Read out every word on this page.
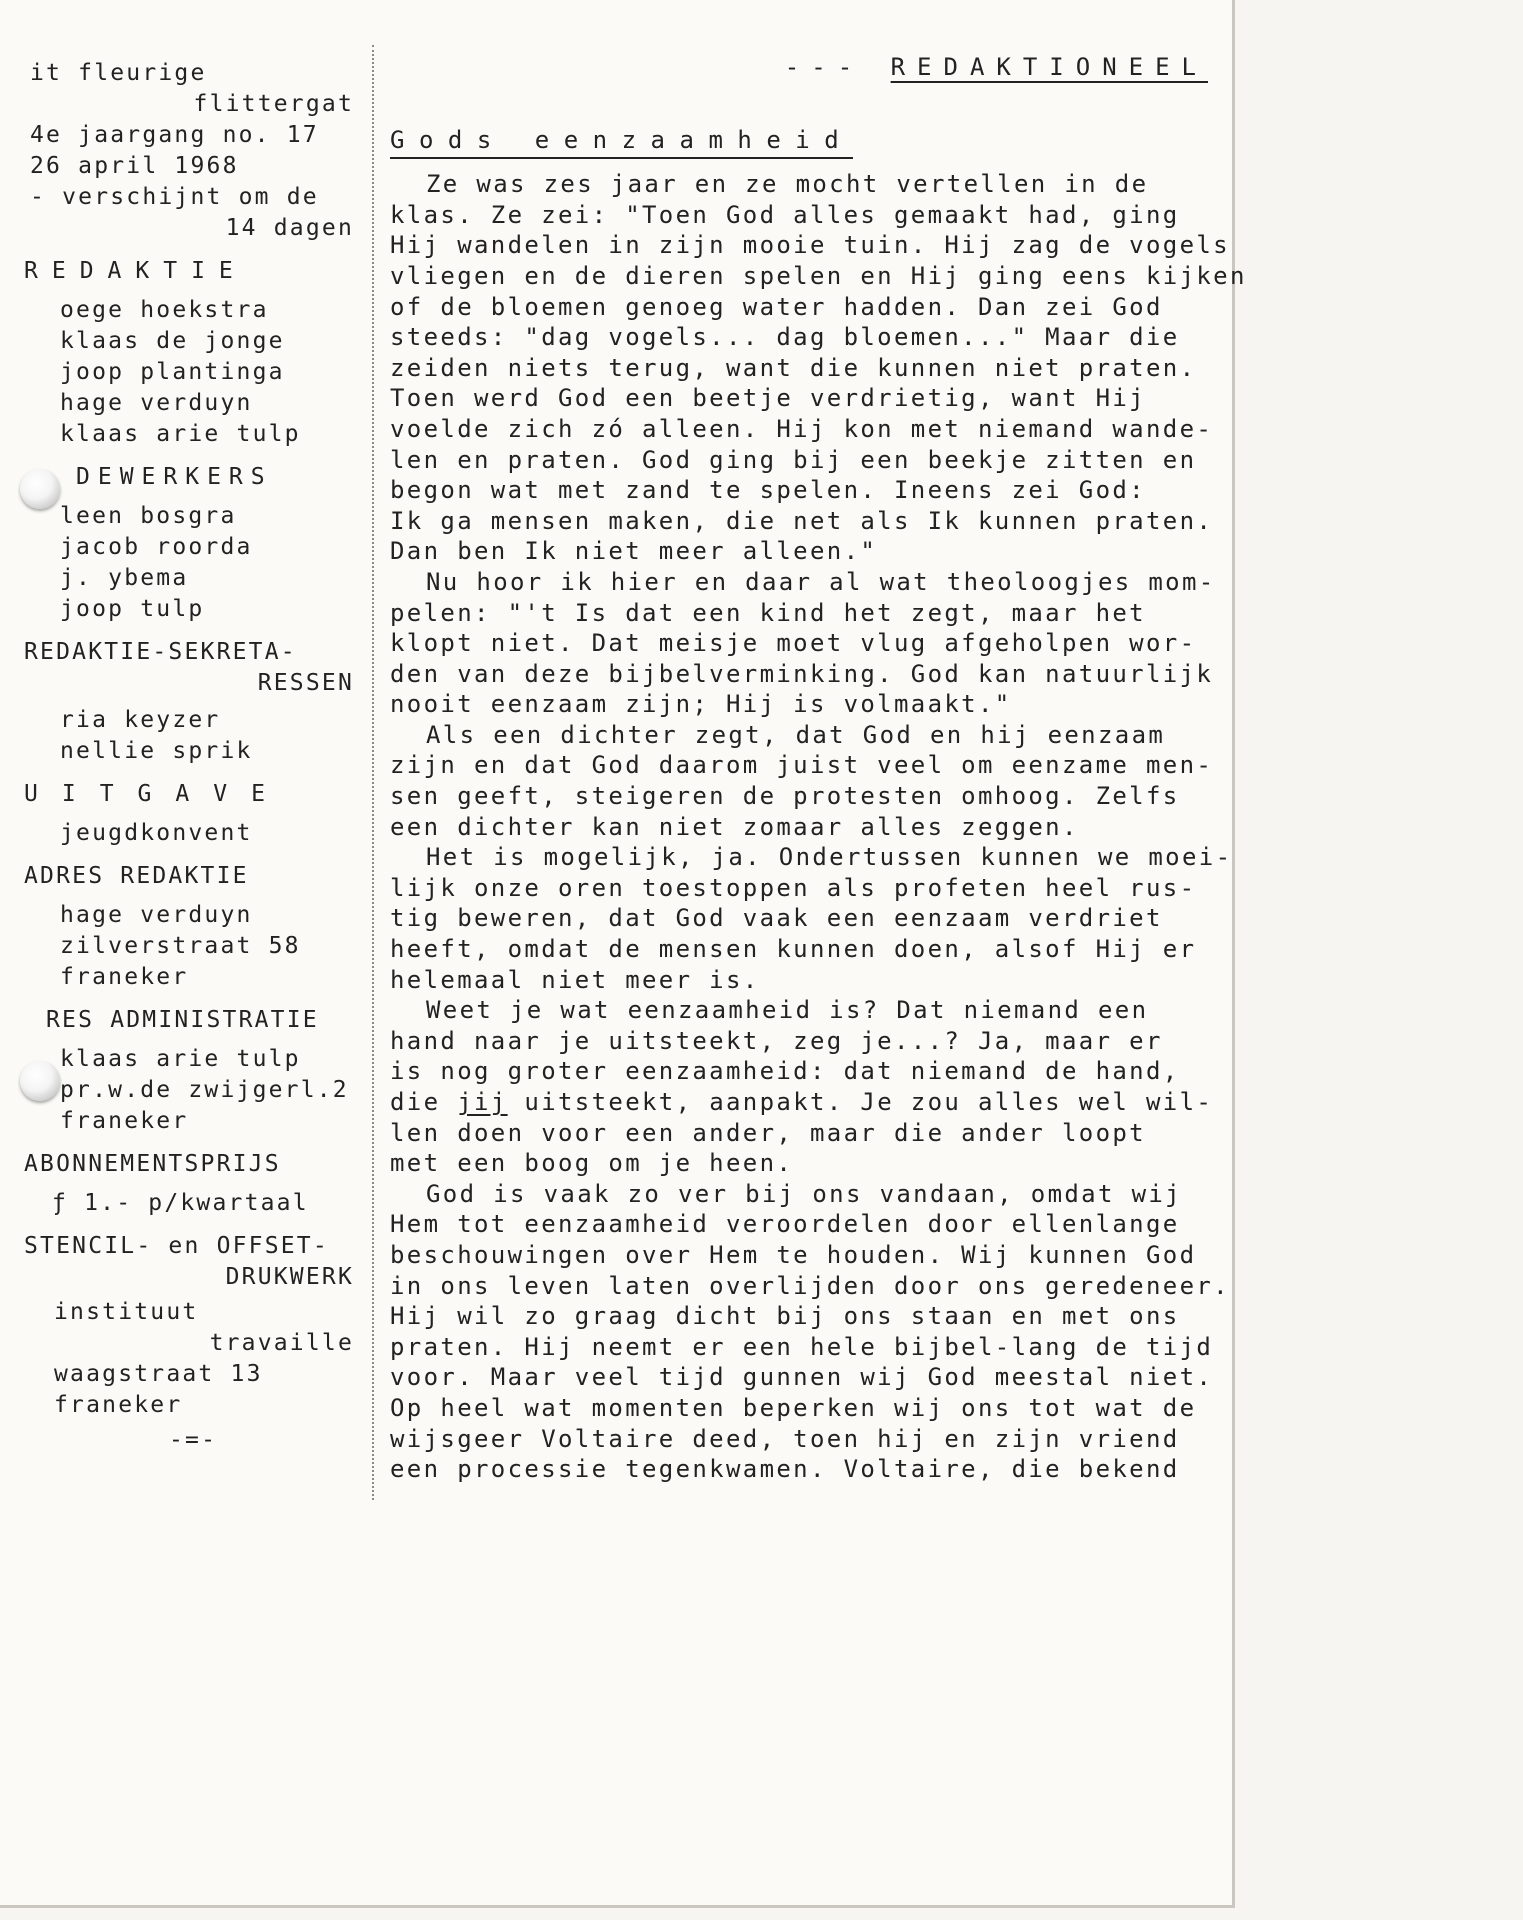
it fleurige

flittergat

4e jaargang no. 17

26 april 1968

- verschijnt om de

14 dagen

REDAKTIE

oege hoekstra

klaas de jonge

joop plantinga

hage verduyn

klaas arie tulp

DEWERKERS

leen bosgra

jacob roorda

j. ybema

joop tulp

REDAKTIE-SEKRETA-

RESSEN

ria keyzer

nellie sprik

UITGAVE

jeugdkonvent

ADRES REDAKTIE

hage verduyn

zilverstraat 58

franeker

RES ADMINISTRATIE

klaas arie tulp

pr.w.de zwijgerl.2

franeker

ABONNEMENTSPRIJS

ƒ 1.- p/kwartaal

STENCIL- en OFFSET-

DRUKWERK

instituut

travaille

waagstraat 13

franeker

-=-

--- REDAKTIONEEL

Gods eenzaamheid

Ze was zes jaar en ze mocht vertellen in de

klas. Ze zei: "Toen God alles gemaakt had, ging

Hij wandelen in zijn mooie tuin. Hij zag de vogels

vliegen en de dieren spelen en Hij ging eens kijken

of de bloemen genoeg water hadden. Dan zei God

steeds: "dag vogels... dag bloemen..." Maar die

zeiden niets terug, want die kunnen niet praten.

Toen werd God een beetje verdrietig, want Hij

voelde zich zó alleen. Hij kon met niemand wande-

len en praten. God ging bij een beekje zitten en

begon wat met zand te spelen. Ineens zei God:

Ik ga mensen maken, die net als Ik kunnen praten.

Dan ben Ik niet meer alleen."

Nu hoor ik hier en daar al wat theoloogjes mom-

pelen: "'t Is dat een kind het zegt, maar het

klopt niet. Dat meisje moet vlug afgeholpen wor-

den van deze bijbelverminking. God kan natuurlijk

nooit eenzaam zijn; Hij is volmaakt."

Als een dichter zegt, dat God en hij eenzaam

zijn en dat God daarom juist veel om eenzame men-

sen geeft, steigeren de protesten omhoog. Zelfs

een dichter kan niet zomaar alles zeggen.

Het is mogelijk, ja. Ondertussen kunnen we moei-

lijk onze oren toestoppen als profeten heel rus-

tig beweren, dat God vaak een eenzaam verdriet

heeft, omdat de mensen kunnen doen, alsof Hij er

helemaal niet meer is.

Weet je wat eenzaamheid is? Dat niemand een

hand naar je uitsteekt, zeg je...? Ja, maar er

is nog groter eenzaamheid: dat niemand de hand,

die jij uitsteekt, aanpakt. Je zou alles wel wil-

len doen voor een ander, maar die ander loopt

met een boog om je heen.

God is vaak zo ver bij ons vandaan, omdat wij

Hem tot eenzaamheid veroordelen door ellenlange

beschouwingen over Hem te houden. Wij kunnen God

in ons leven laten overlijden door ons geredeneer.

Hij wil zo graag dicht bij ons staan en met ons

praten. Hij neemt er een hele bijbel-lang de tijd

voor. Maar veel tijd gunnen wij God meestal niet.

Op heel wat momenten beperken wij ons tot wat de

wijsgeer Voltaire deed, toen hij en zijn vriend

een processie tegenkwamen. Voltaire, die bekend
